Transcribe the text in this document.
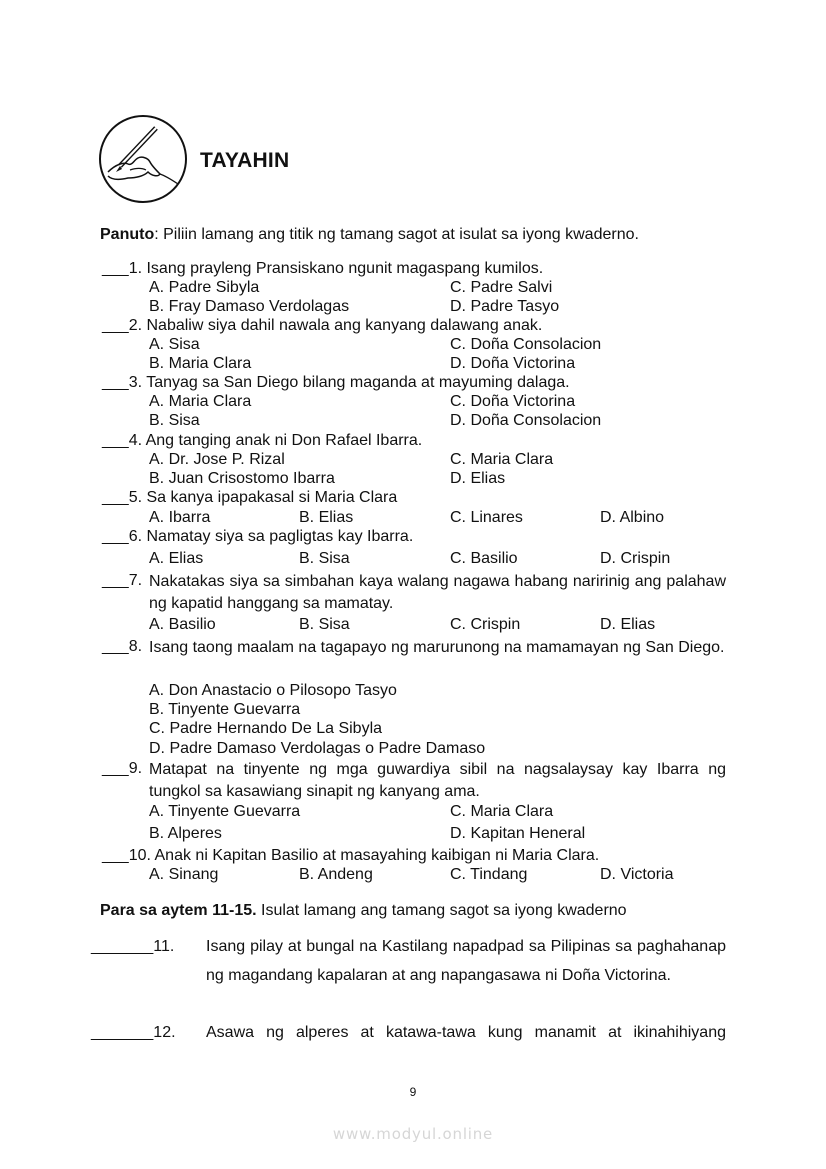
TAYAHIN
Panuto: Piliin lamang ang titik ng tamang sagot at isulat sa iyong kwaderno.
___1. Isang prayleng Pransiskano ngunit magaspang kumilos.
A. Padre Sibyla	C. Padre Salvi
B. Fray Damaso Verdolagas	D. Padre Tasyo
___2. Nabaliw siya dahil nawala ang kanyang dalawang anak.
A. Sisa	C. Doña Consolacion
B. Maria Clara	D. Doña Victorina
___3. Tanyag sa San Diego bilang maganda at mayuming dalaga.
A. Maria Clara	C. Doña Victorina
B. Sisa	D. Doña Consolacion
___4. Ang tanging anak ni Don Rafael Ibarra.
A. Dr. Jose P. Rizal	C. Maria Clara
B. Juan Crisostomo Ibarra	D. Elias
___5. Sa kanya ipapakasal si Maria Clara
A. Ibarra	B. Elias	C. Linares	D. Albino
___6. Namatay siya sa pagligtas kay Ibarra.
A. Elias	B. Sisa	C. Basilio	D. Crispin
___7. Nakatakas siya sa simbahan kaya walang nagawa habang naririnig ang palahaw ng kapatid hanggang sa mamatay.
A. Basilio	B. Sisa	C. Crispin	D. Elias
___8. Isang taong maalam na tagapayo ng marurunong na mamamayan ng San Diego.
A. Don Anastacio o Pilosopo Tasyo
B. Tinyente Guevarra
C. Padre Hernando De La Sibyla
D. Padre Damaso Verdolagas o Padre Damaso
___9. Matapat na tinyente ng mga guwardiya sibil na nagsalaysay kay Ibarra ng tungkol sa kasawiang sinapit ng kanyang ama.
A. Tinyente Guevarra	C. Maria Clara
B. Alperes	D. Kapitan Heneral
___10. Anak ni Kapitan Basilio at masayahing kaibigan ni Maria Clara.
A. Sinang	B. Andeng	C. Tindang	D. Victoria
Para sa aytem 11-15. Isulat lamang ang tamang sagot sa iyong kwaderno
_______11. Isang pilay at bungal na Kastilang napadpad sa Pilipinas sa paghahanap ng magandang kapalaran at ang napangasawa ni Doña Victorina.
_______12. Asawa ng alperes at katawa-tawa kung manamit at ikinahihiyang
9
www.modyul.online
